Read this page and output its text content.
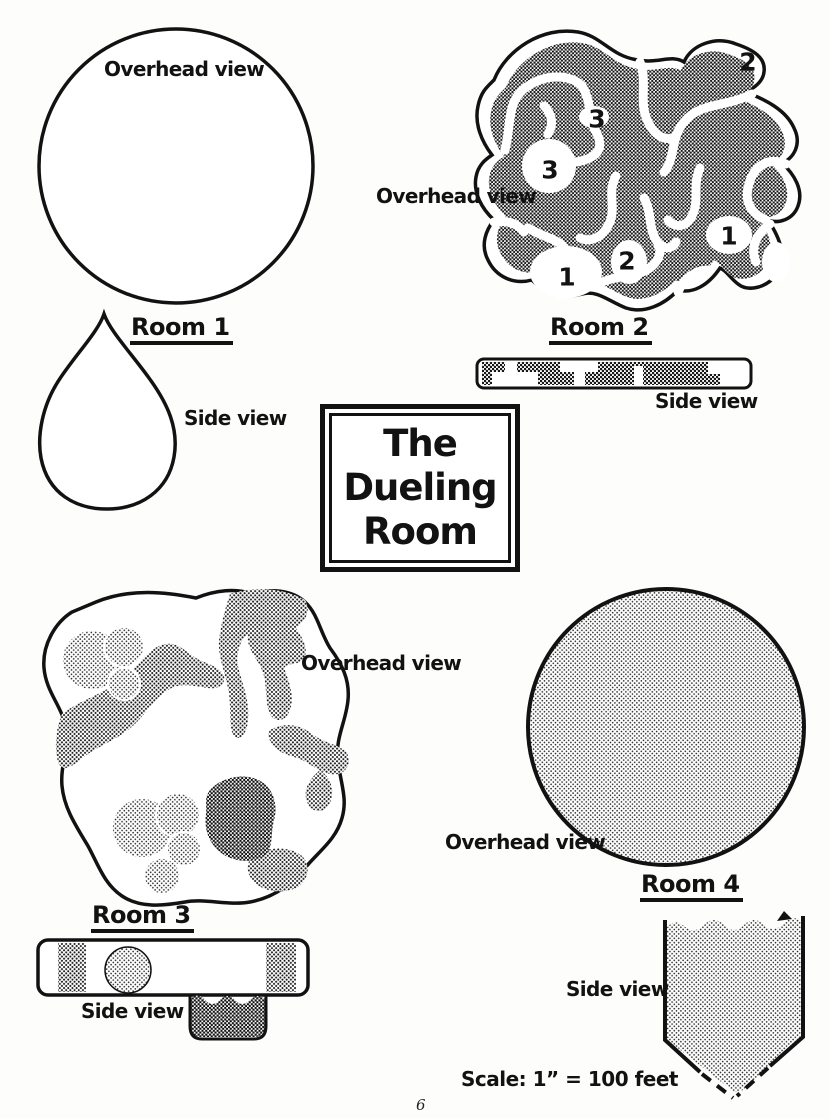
Overhead view
Room 1
Side view
Overhead view
Room 2
Side view
2
3
3
1
2
1
The
Dueling
Room
Overhead view
Room 3
Side view
Overhead view
Room 4
Side view
Scale: 1” = 100 feet
6
